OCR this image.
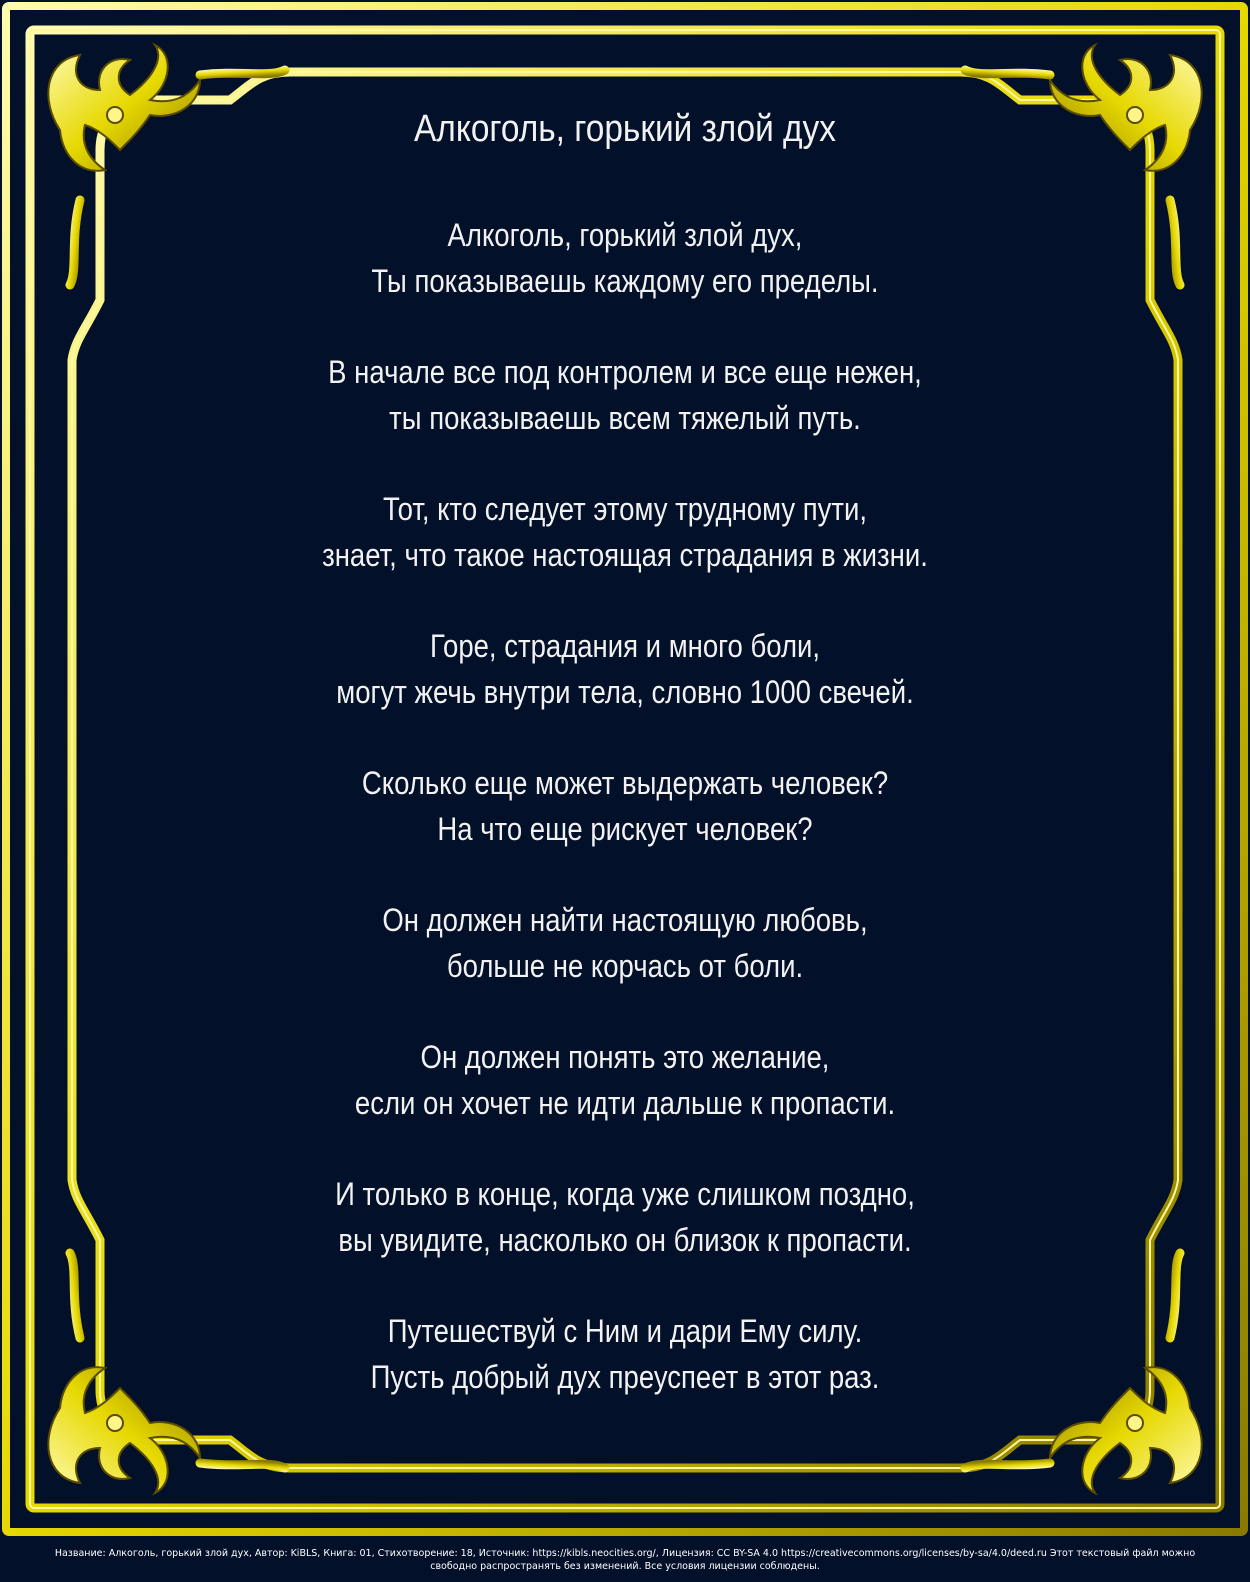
Алкоголь, горький злой дух
Алкоголь, горький злой дух,
Ты показываешь каждому его пределы.
В начале все под контролем и все еще нежен,
ты показываешь всем тяжелый путь.
Тот, кто следует этому трудному пути,
знает, что такое настоящая страдания в жизни.
Горе, страдания и много боли,
могут жечь внутри тела, словно 1000 свечей.
Сколько еще может выдержать человек?
На что еще рискует человек?
Он должен найти настоящую любовь,
больше не корчась от боли.
Он должен понять это желание,
если он хочет не идти дальше к пропасти.
И только в конце, когда уже слишком поздно,
вы увидите, насколько он близок к пропасти.
Путешествуй с Ним и дари Ему силу.
Пусть добрый дух преуспеет в этот раз.
Название: Алкоголь, горький злой дух, Автор: KiBLS, Книга: 01, Стихотворение: 18, Источник: https://kibls.neocities.org/, Лицензия: CC BY-SA 4.0 https://creativecommons.org/licenses/by-sa/4.0/deed.ru Этот текстовый файл можно
свободно распространять без изменений. Все условия лицензии соблюдены.
